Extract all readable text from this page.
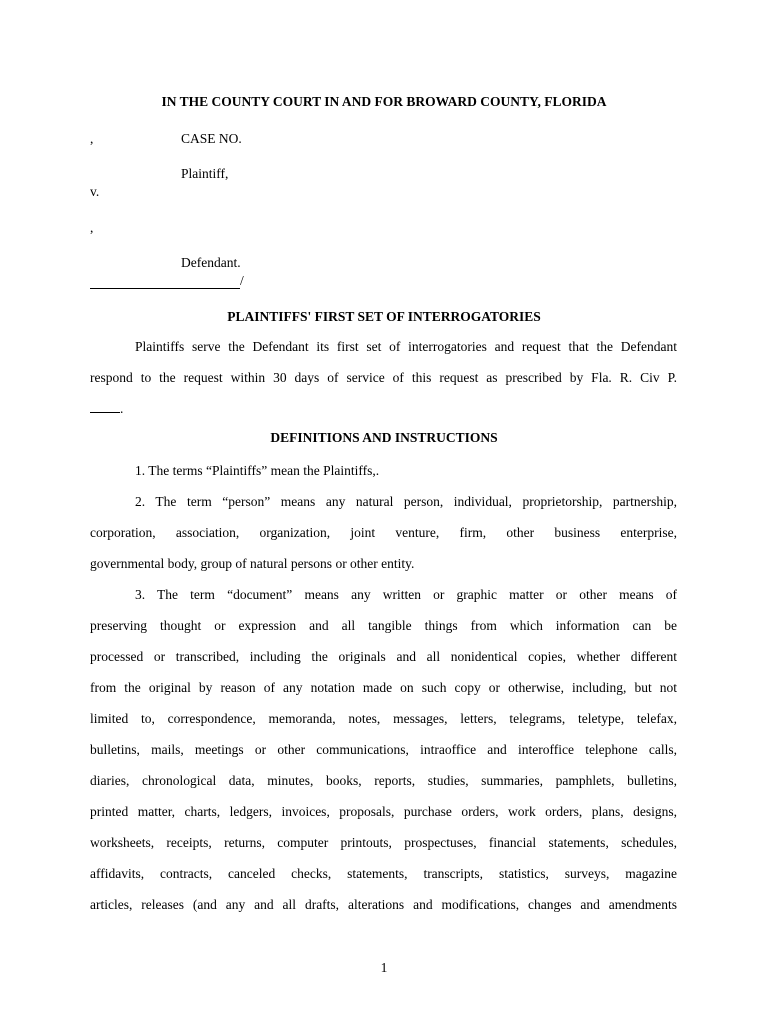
IN THE COUNTY COURT IN AND FOR BROWARD COUNTY, FLORIDA
,	CASE NO.
Plaintiff,
v.
,
Defendant.
/
PLAINTIFFS' FIRST SET OF INTERROGATORIES
Plaintiffs serve the Defendant its first set of interrogatories and request that the Defendant
respond to the request within 30 days of service of this request as prescribed by Fla. R. Civ P.
.
DEFINITIONS AND INSTRUCTIONS
1. The terms “Plaintiffs” mean the Plaintiffs,.
2. The term “person” means any natural person, individual, proprietorship, partnership,
corporation, association, organization, joint venture, firm, other business enterprise,
governmental body, group of natural persons or other entity.
3. The term “document” means any written or graphic matter or other means of
preserving thought or expression and all tangible things from which information can be
processed or transcribed, including the originals and all nonidentical copies, whether different
from the original by reason of any notation made on such copy or otherwise, including, but not
limited to, correspondence, memoranda, notes, messages, letters, telegrams, teletype, telefax,
bulletins, mails, meetings or other communications, intraoffice and interoffice telephone calls,
diaries, chronological data, minutes, books, reports, studies, summaries, pamphlets, bulletins,
printed matter, charts, ledgers, invoices, proposals, purchase orders, work orders, plans, designs,
worksheets, receipts, returns, computer printouts, prospectuses, financial statements, schedules,
affidavits, contracts, canceled checks, statements, transcripts, statistics, surveys, magazine
articles, releases (and any and all drafts, alterations and modifications, changes and amendments
1
